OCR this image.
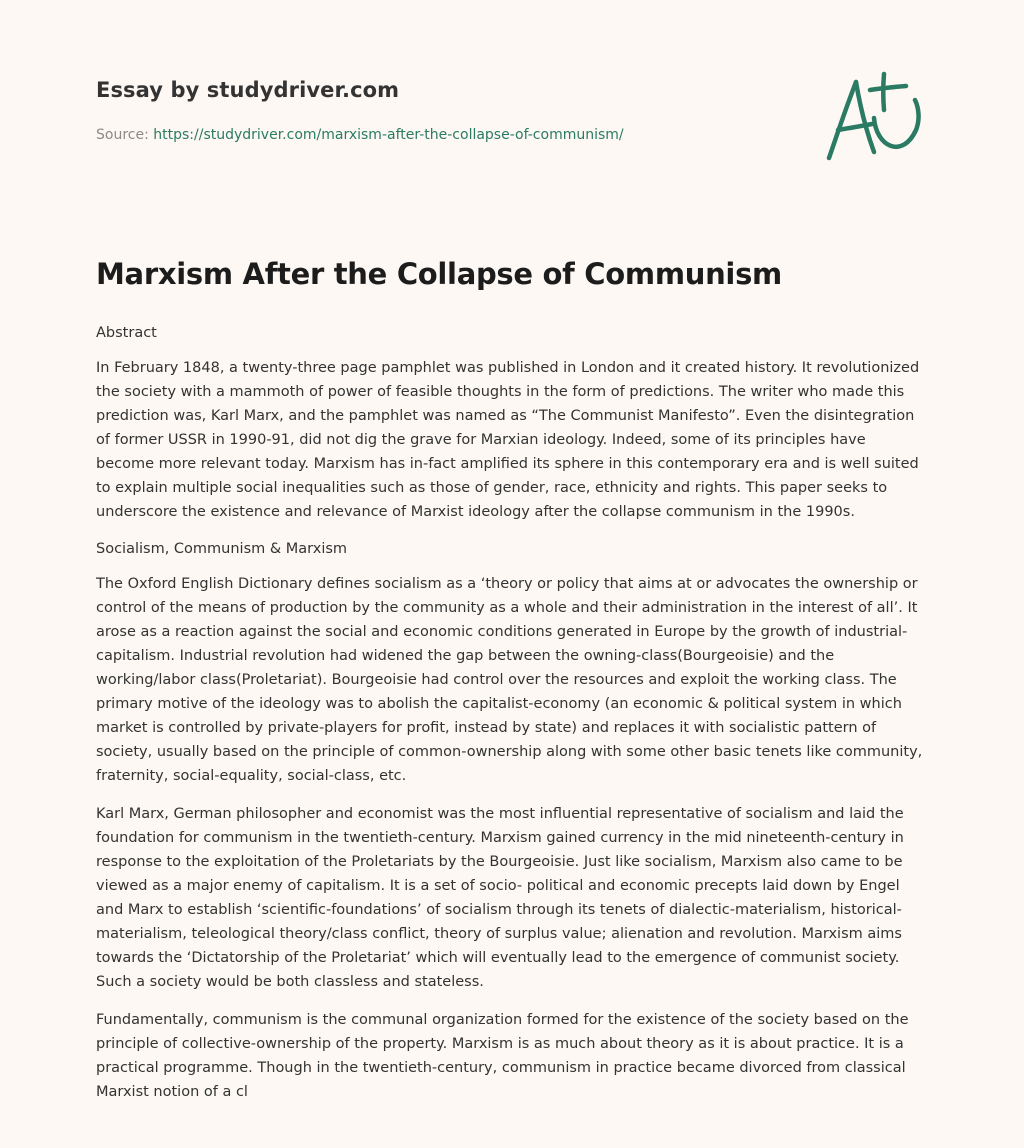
Essay by studydriver.com
Source: https://studydriver.com/marxism-after-the-collapse-of-communism/
Marxism After the Collapse of Communism
Abstract

In February 1848, a twenty-three page pamphlet was published in London and it created history. It revolutionized the society with a mammoth of power of feasible thoughts in the form of predictions. The writer who made this prediction was, Karl Marx, and the pamphlet was named as “The Communist Manifesto”. Even the disintegration of former USSR in 1990-91, did not dig the grave for Marxian ideology. Indeed, some of its principles have become more relevant today. Marxism has in-fact amplified its sphere in this contemporary era and is well suited to explain multiple social inequalities such as those of gender, race, ethnicity and rights. This paper seeks to underscore the existence and relevance of Marxist ideology after the collapse communism in the 1990s.

Socialism, Communism & Marxism

The Oxford English Dictionary defines socialism as a ‘theory or policy that aims at or advocates the ownership or control of the means of production by the community as a whole and their administration in the interest of all’. It arose as a reaction against the social and economic conditions generated in Europe by the growth of industrial-capitalism. Industrial revolution had widened the gap between the owning-class(Bourgeoisie) and the working/labor class(Proletariat). Bourgeoisie had control over the resources and exploit the working class. The primary motive of the ideology was to abolish the capitalist-economy (an economic & political system in which market is controlled by private-players for profit, instead by state) and replaces it with socialistic pattern of society, usually based on the principle of common-ownership along with some other basic tenets like community, fraternity, social-equality, social-class, etc.

Karl Marx, German philosopher and economist was the most influential representative of socialism and laid the foundation for communism in the twentieth-century. Marxism gained currency in the mid nineteenth-century in response to the exploitation of the Proletariats by the Bourgeoisie. Just like socialism, Marxism also came to be viewed as a major enemy of capitalism. It is a set of socio- political and economic precepts laid down by Engel and Marx to establish ‘scientific-foundations’ of socialism through its tenets of dialectic-materialism, historical-materialism, teleological theory/class conflict, theory of surplus value; alienation and revolution. Marxism aims towards the ‘Dictatorship of the Proletariat’ which will eventually lead to the emergence of communist society. Such a society would be both classless and stateless.

Fundamentally, communism is the communal organization formed for the existence of the society based on the principle of collective-ownership of the property. Marxism is as much about theory as it is about practice. It is a practical programme. Though in the twentieth-century, communism in practice became divorced from classical Marxist notion of a cl
